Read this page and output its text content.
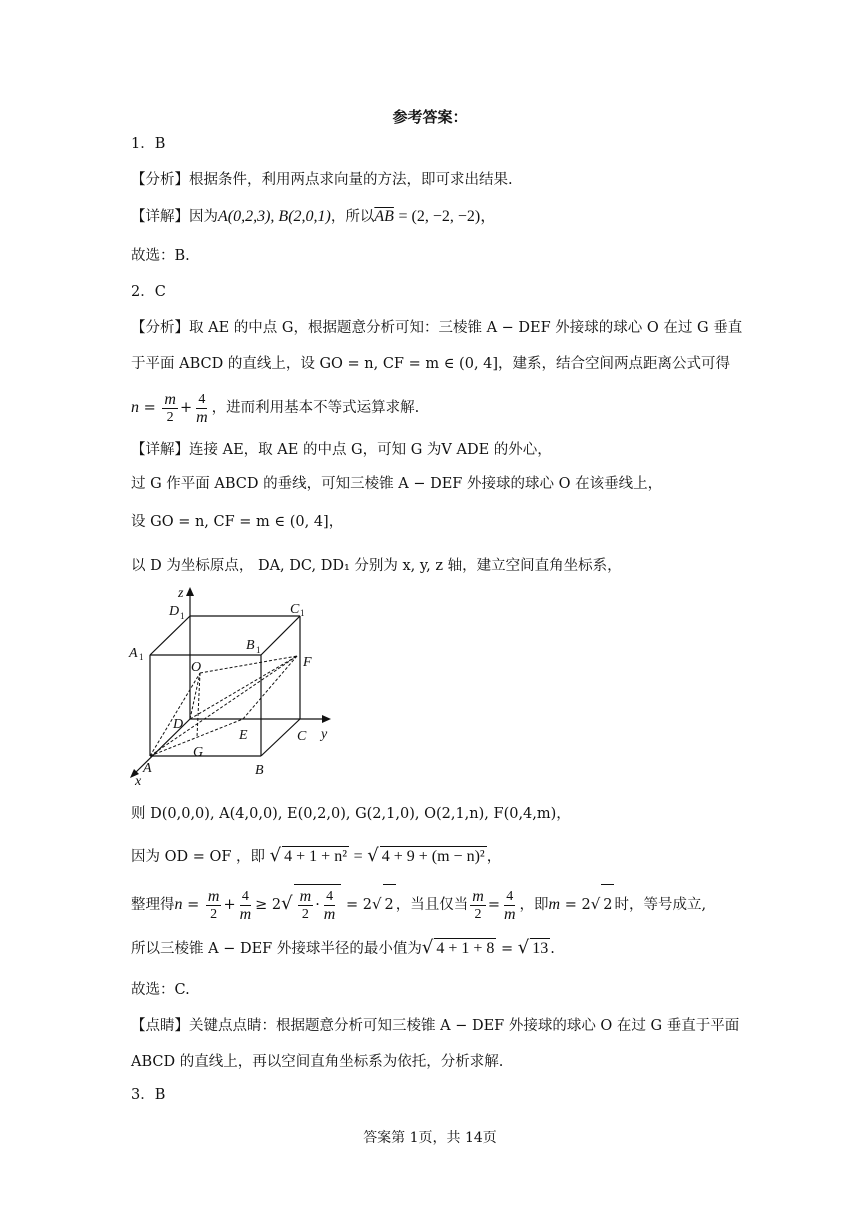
参考答案：
1．B
【分析】根据条件，利用两点求向量的方法，即可求出结果.
【详解】因为A(0,2,3), B(2,0,1)，所以$\overline{AB} = (2$, −2, −2)，
故选：B.
2．C
【分析】取 AE 的中点 G，根据题意分析可知：三棱锥 A − DEF 外接球的球心 O 在过 G 垂直
于平面 ABCD 的直线上，设 GO = n, CF = m ∈ (0, 4]，建系，结合空间两点距离公式可得
$n = \frac{m}{2} + \frac{4}{m}$ ，进而利用基本不等式运算求解.
【详解】连接 AE，取 AE 的中点 G，可知 G 为V ADE 的外心，
过 G 作平面 ABCD 的垂线，可知三棱锥 A − DEF 外接球的球心 O 在该垂线上，
设 GO = n, CF = m ∈ (0, 4]，
以 D 为坐标原点， DA, DC, DD₁ 分别为 x, y, z 轴，建立空间直角坐标系，
z
D 1	C 1
A 1
B 1
O	F
D
E	C y
G
A	B
x
则 D(0,0,0), A(4,0,0), E(0,2,0), G(2,1,0), O(2,1,n), F(0,4,m)，
因为 OD = OF ，即 √ 4 + 1 + n² = √ 4 + 9 + (m − n)² ，
整理得$n = \frac{m}{2} + \frac{4}{m} \ge 2√ \frac{m}{2} \cdot \frac{4}{m} = 2√$ 2 ，当且仅当 $\frac{m}{2} = \frac{4}{m}$ ，即m = 2√ 2 时，等号成立,
所以三棱锥 A − DEF 外接球半径的最小值为√ 4 + 1 + 8 = √ 13 .
故选：C.
【点睛】关键点点睛：根据题意分析可知三棱锥 A − DEF 外接球的球心 O 在过 G 垂直于平面
ABCD 的直线上，再以空间直角坐标系为依托，分析求解.
3．B
答案第 1页，共 14页
